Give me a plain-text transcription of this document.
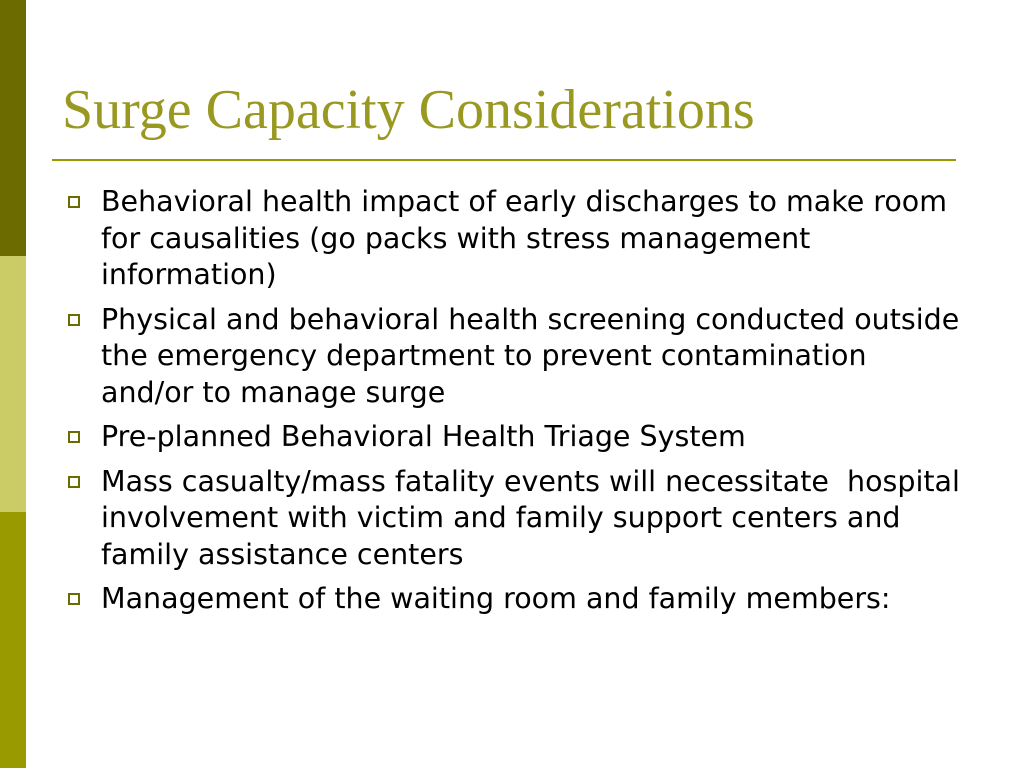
Surge Capacity Considerations
Behavioral health impact of early discharges to make room for causalities (go packs with stress management information)
Physical and behavioral health screening conducted outside the emergency department to prevent contamination and/or to manage surge
Pre-planned Behavioral Health Triage System
Mass casualty/mass fatality events will necessitate  hospital involvement with victim and family support centers and family assistance centers
Management of the waiting room and family members:
